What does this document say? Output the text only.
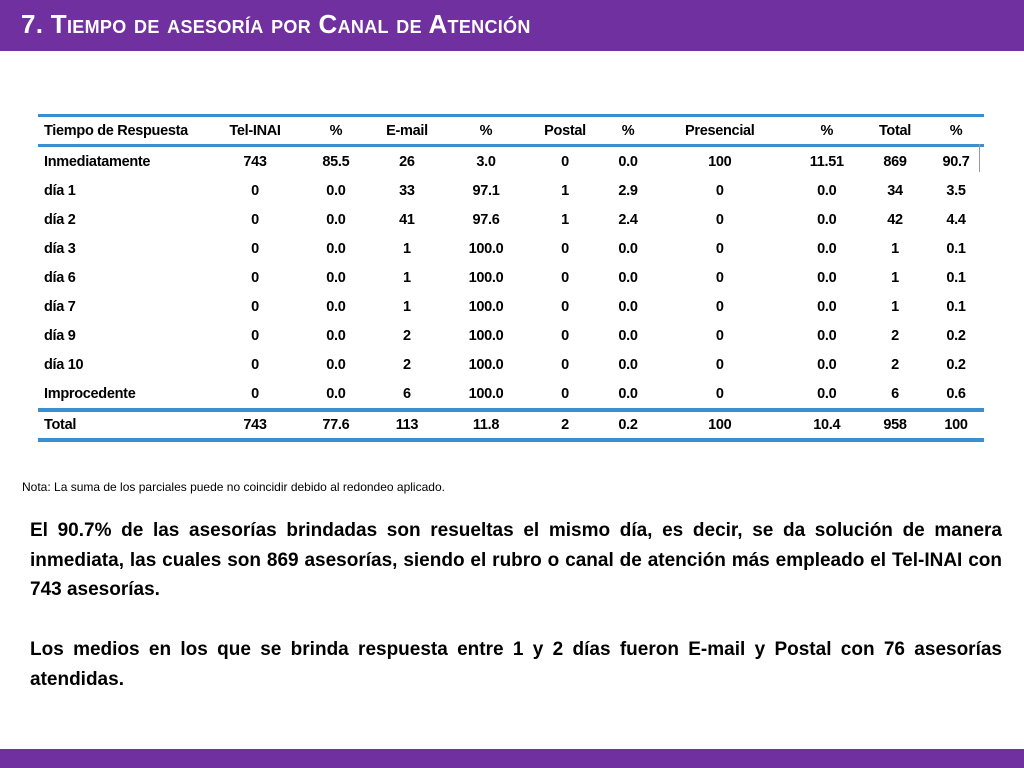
7. Tiempo de asesoría por Canal de Atención
Tiempo de Respuesta	Tel-INAI	%	E-mail	%	Postal	%	Presencial	%	Total	%
Inmediatamente	743	85.5	26	3.0	0	0.0	100	11.51	869	90.7
día 1	0	0.0	33	97.1	1	2.9	0	0.0	34	3.5
día 2	0	0.0	41	97.6	1	2.4	0	0.0	42	4.4
día 3	0	0.0	1	100.0	0	0.0	0	0.0	1	0.1
día 6	0	0.0	1	100.0	0	0.0	0	0.0	1	0.1
día 7	0	0.0	1	100.0	0	0.0	0	0.0	1	0.1
día 9	0	0.0	2	100.0	0	0.0	0	0.0	2	0.2
día 10	0	0.0	2	100.0	0	0.0	0	0.0	2	0.2
Improcedente	0	0.0	6	100.0	0	0.0	0	0.0	6	0.6
Total	743	77.6	113	11.8	2	0.2	100	10.4	958	100
Nota: La suma de los parciales puede no coincidir debido al redondeo aplicado.
El 90.7% de las asesorías brindadas son resueltas el mismo día, es decir, se da solución de manera inmediata, las cuales son 869 asesorías, siendo el rubro o canal de atención más empleado el Tel-INAI con 743 asesorías.
Los medios en los que se brinda respuesta entre 1 y 2 días fueron E-mail y Postal con 76 asesorías atendidas.
